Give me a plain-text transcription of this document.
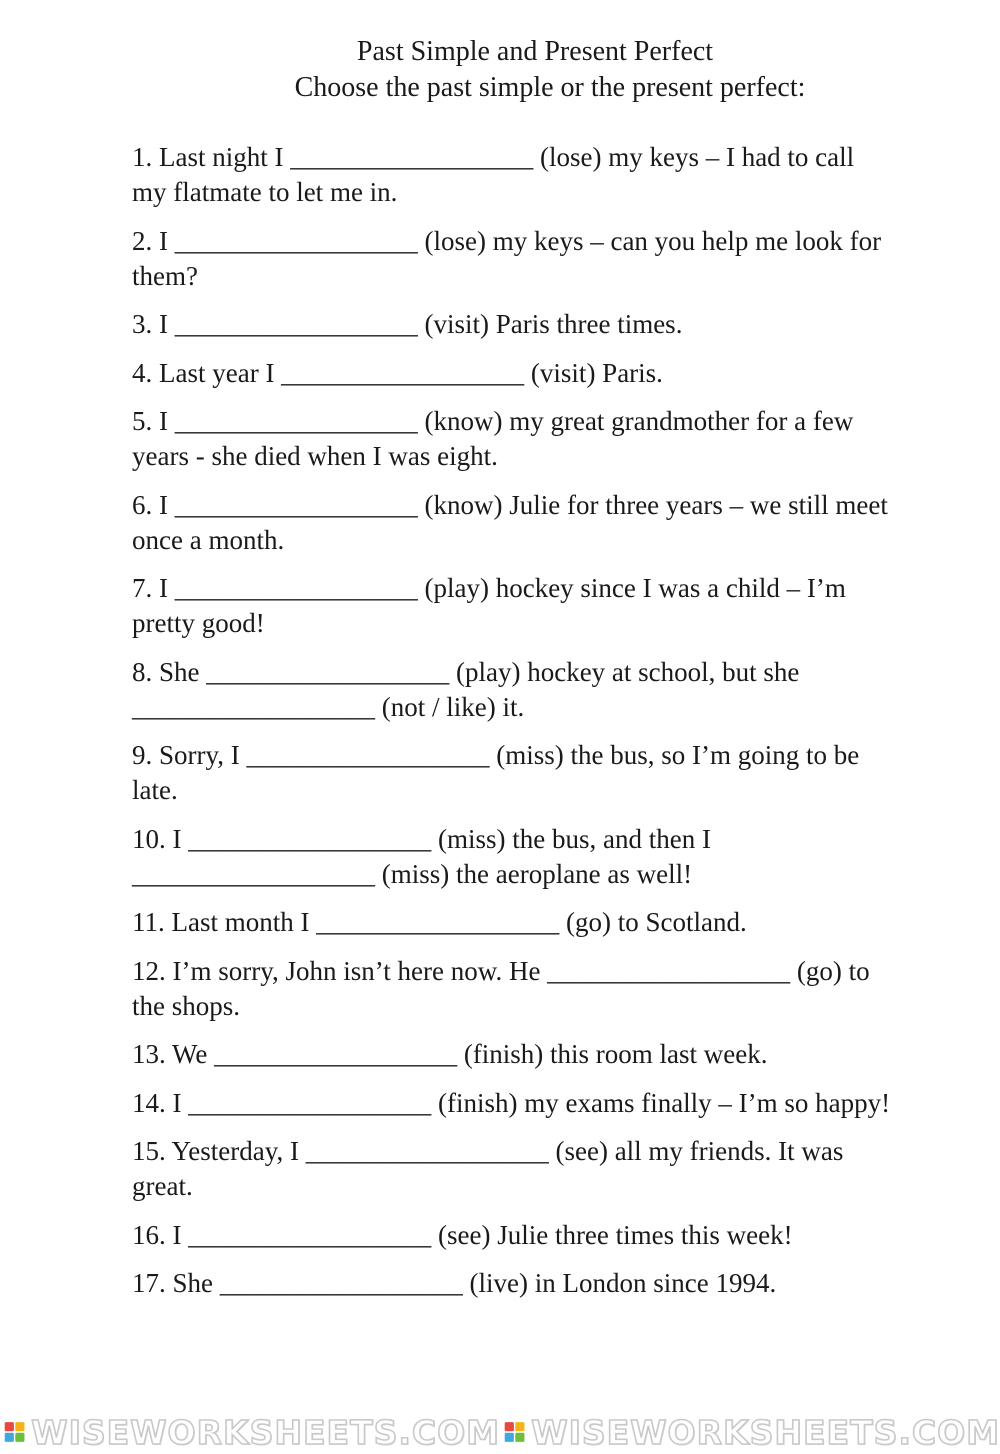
Past Simple and Present Perfect
Choose the past simple or the present perfect:
1. Last night I __________________ (lose) my keys – I had to call my flatmate to let me in.
2. I __________________ (lose) my keys – can you help me look for them?
3. I __________________ (visit) Paris three times.
4. Last year I __________________ (visit) Paris.
5. I __________________ (know) my great grandmother for a few years - she died when I was eight.
6. I __________________ (know) Julie for three years – we still meet once a month.
7. I __________________ (play) hockey since I was a child – I’m pretty good!
8. She __________________ (play) hockey at school, but she __________________ (not / like) it.
9. Sorry, I __________________ (miss) the bus, so I’m going to be late.
10. I __________________ (miss) the bus, and then I __________________ (miss) the aeroplane as well!
11. Last month I __________________ (go) to Scotland.
12. I’m sorry, John isn’t here now. He __________________ (go) to the shops.
13. We __________________ (finish) this room last week.
14. I __________________ (finish) my exams finally – I’m so happy!
15. Yesterday, I __________________ (see) all my friends. It was great.
16. I __________________ (see) Julie three times this week!
17. She __________________ (live) in London since 1994.
WISEWORKSHEETS.COM WISEWORKSHEETS.COM
